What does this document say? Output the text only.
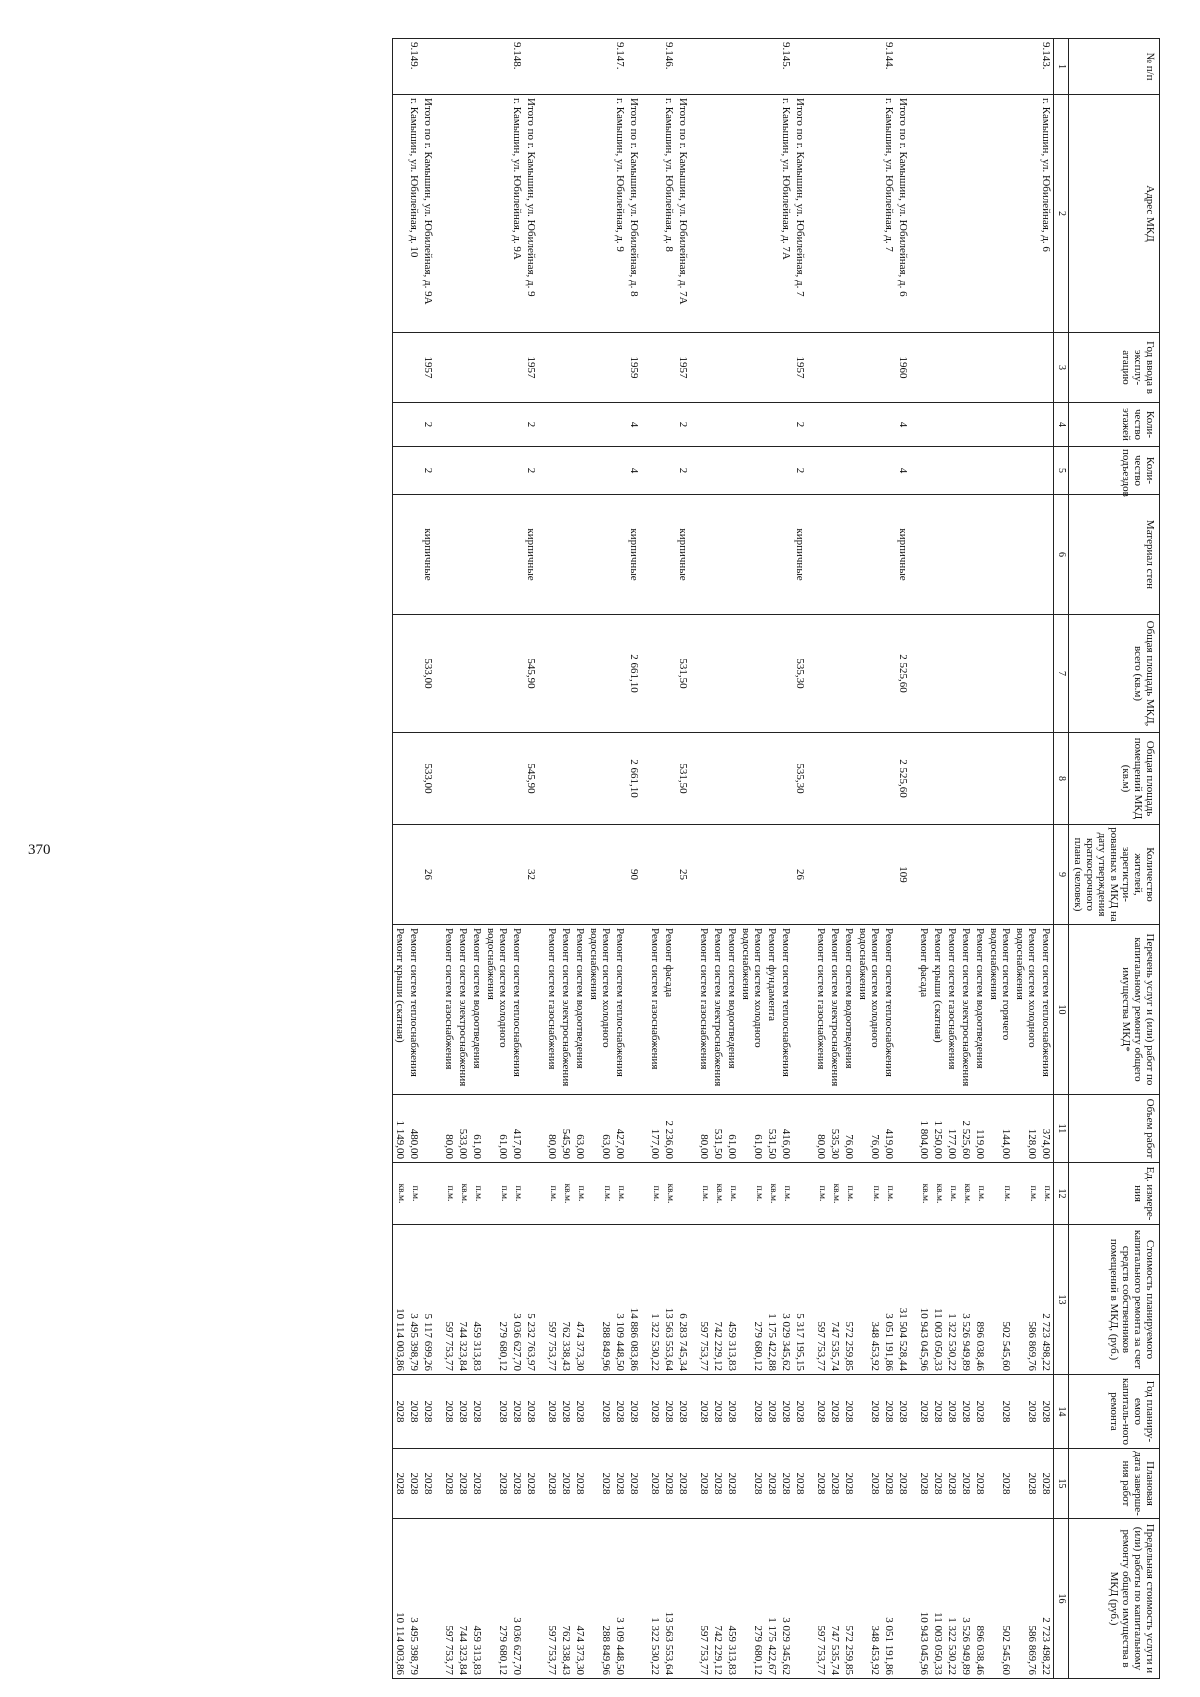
370
№ п/п	Адрес МКД	Год ввода в эксплу-атацию	Коли-чество этажей	Коли-чество подъездов	Материал стен	Общая площадь МКД, всего (кв.м)	Общая площадь помещений МКД (кв.м)	Количество жителей, зарегистри-рованных в МКД на дату утверждения краткосрочного плана (человек)	Перечень услуг и (или) работ по капитальному ремонту общего имущества МКД*	Объем работ	Ед. измере-ния	Стоимость планируемого капитального ремонта за счет средств собственников помещений в МКД, (руб.)	Год планиру-емого капиталь-ного ремонта	Плановая дата заверше-ния работ	Предельная стоимость услуги и (или) работы по капитальному ремонту общего имущества в МКД (руб.)
1	2	3	4	5	6	7	8	9	10	11	12	13	14	15	16
9.143.	г. Камышин, ул. Юбилейная, д. 6								Ремонт систем теплоснабжения	374,00	п.м.	2 723 498,22	2028	2028	2 723 498,22
									Ремонт систем холодного водоснабжения	128,00	п.м.	586 869,76	2028	2028	586 869,76
									Ремонт систем горячего водоснабжения	144,00	п.м.	502 545,60	2028	2028	502 545,60
									Ремонт систем водоотведения	119,00	п.м.	896 038,46	2028	2028	896 038,46
									Ремонт систем электроснабжения	2 525,60	кв.м.	3 526 949,89	2028	2028	3 526 949,89
									Ремонт систем газоснабжения	177,00	п.м.	1 322 530,22	2028	2028	1 322 530,22
									Ремонт крыши (скатная)	1 250,00	кв.м.	11 003 050,33	2028	2028	11 003 050,33
									Ремонт фасада	1 804,00	кв.м.	10 943 045,96	2028	2028	10 943 045,96
	Итого по г. Камышин, ул. Юбилейная, д. 6	1960	4	4	кирпичные	2 525,60	2 525,60	109				31 504 528,44	2028	2028	
9.144.	г. Камышин, ул. Юбилейная, д. 7								Ремонт систем теплоснабжения	419,00	п.м.	3 051 191,86	2028	2028	3 051 191,86
									Ремонт систем холодного водоснабжения	76,00	п.м.	348 453,92	2028	2028	348 453,92
									Ремонт систем водоотведения	76,00	п.м.	572 259,85	2028	2028	572 259,85
									Ремонт систем электроснабжения	535,30	кв.м.	747 535,74	2028	2028	747 535,74
									Ремонт систем газоснабжения	80,00	п.м.	597 753,77	2028	2028	597 753,77
	Итого по г. Камышин, ул. Юбилейная, д. 7	1957	2	2	кирпичные	535,30	535,30	26				5 317 195,15	2028	2028	
9.145.	г. Камышин, ул. Юбилейная, д. 7А								Ремонт систем теплоснабжения	416,00	п.м.	3 029 345,62	2028	2028	3 029 345,62
									Ремонт фундамента	531,50	кв.м.	1 175 422,88	2028	2028	1 175 422,67
									Ремонт систем холодного водоснабжения	61,00	п.м.	279 680,12	2028	2028	279 680,12
									Ремонт систем водоотведения	61,00	п.м.	459 313,83	2028	2028	459 313,83
									Ремонт систем электроснабжения	531,50	кв.м.	742 229,12	2028	2028	742 229,12
									Ремонт систем газоснабжения	80,00	п.м.	597 753,77	2028	2028	597 753,77
	Итого по г. Камышин, ул. Юбилейная, д. 7А	1957	2	2	кирпичные	531,50	531,50	25				6 283 745,34	2028	2028	
9.146.	г. Камышин, ул. Юбилейная, д. 8								Ремонт фасада	2 236,00	кв.м.	13 563 553,64	2028	2028	13 563 553,64
									Ремонт систем газоснабжения	177,00	п.м.	1 322 530,22	2028	2028	1 322 530,22
	Итого по г. Камышин, ул. Юбилейная, д. 8	1959	4	4	кирпичные	2 661,10	2 661,10	90				14 886 083,86	2028	2028	
9.147.	г. Камышин, ул. Юбилейная, д. 9								Ремонт систем теплоснабжения	427,00	п.м.	3 109 448,50	2028	2028	3 109 448,50
									Ремонт систем холодного водоснабжения	63,00	п.м.	288 849,96	2028	2028	288 849,96
									Ремонт систем водоотведения	63,00	п.м.	474 373,30	2028	2028	474 373,30
									Ремонт систем электроснабжения	545,90	кв.м.	762 338,43	2028	2028	762 338,43
									Ремонт систем газоснабжения	80,00	п.м.	597 753,77	2028	2028	597 753,77
	Итого по г. Камышин, ул. Юбилейная, д. 9	1957	2	2	кирпичные	545,90	545,90	32				5 232 763,97	2028	2028	
9.148.	г. Камышин, ул. Юбилейная, д. 9А								Ремонт систем теплоснабжения	417,00	п.м.	3 036 627,70	2028	2028	3 036 627,70
									Ремонт систем холодного водоснабжения	61,00	п.м.	279 680,12	2028	2028	279 680,12
									Ремонт систем водоотведения	61,00	п.м.	459 313,83	2028	2028	459 313,83
									Ремонт систем электроснабжения	533,00	кв.м.	744 323,84	2028	2028	744 323,84
									Ремонт систем газоснабжения	80,00	п.м.	597 753,77	2028	2028	597 753,77
	Итого по г. Камышин, ул. Юбилейная, д. 9А	1957	2	2	кирпичные	533,00	533,00	26				5 117 699,26	2028	2028	
9.149.	г. Камышин, ул. Юбилейная, д. 10								Ремонт систем теплоснабжения	480,00	п.м.	3 495 398,79	2028	2028	3 495 398,79
									Ремонт крыши (скатная)	1 149,00	кв.м.	10 114 003,86	2028	2028	10 114 003,86
